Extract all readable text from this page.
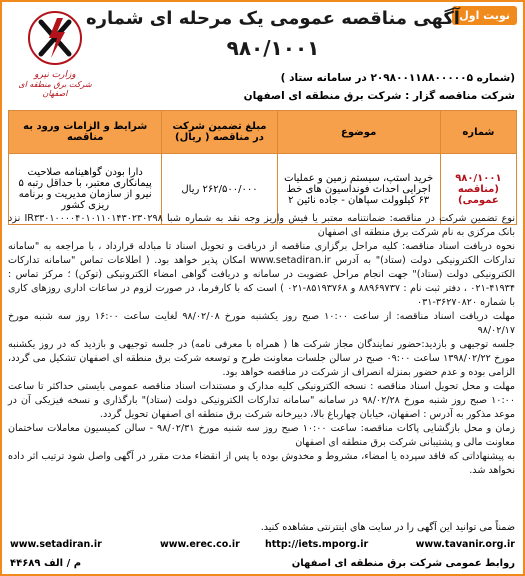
نوبت اول
آگهی مناقصه عمومی یک مرحله ای شماره
۹۸۰/۱۰۰۱
وزارت نیرو
شرکت برق منطقه ای اصفهان
(شماره ۲۰۹۸۰۰۱۱۸۸۰۰۰۰۰۵ در سامانه ستاد )
شرکت مناقصه گزار : شرکت برق منطقه ای اصفهان
شماره	موضوع	مبلغ تضمین شرکت در مناقصه ( ریال)	شرایط و الزامات ورود به مناقصه
۹۸۰/۱۰۰۱ (مناقصه عمومی)	خرید استپ، سیستم زمین و عملیات اجرایی احداث فونداسیون های خط ۶۳ کیلوولت سپاهان - جاده نائین ۲	۲۶۲/۵۰۰/۰۰۰ ریال	دارا بودن گواهینامه صلاحیت پیمانکاری معتبر، با حداقل رتبه ۵ نیرو از سازمان مدیریت و برنامه ریزی کشور

نوع تضمین شرکت در مناقصه: ضمانتنامه معتبر یا فیش واریز وجه نقد به شماره شبا IR۳۳۰۱۰۰۰۰۴۰۱۰۱۱۰۱۴۳۰۲۳۰۲۹۸ نزد بانک مرکزی به نام شرکت برق منطقه ای اصفهان

نحوه دریافت اسناد مناقصه: کلیه مراحل برگزاری مناقصه از دریافت و تحویل اسناد تا مبادله قرارداد ، با مراجعه به "سامانه تدارکات الکترونیکی دولت (ستاد)" به آدرس www.setadiran.ir امکان پذیر خواهد بود. ( اطلاعات تماس "سامانه تدارکات الکترونیکی دولت (ستاد)" جهت انجام مراحل عضویت در سامانه و دریافت گواهی امضاء الکترونیکی (توکن) ؛ مرکز تماس : ۴۱۹۳۴-۰۲۱ ، دفتر ثبت نام : ۸۸۹۶۹۷۳۷ و ۸۵۱۹۳۷۶۸-۰۲۱ ) است که با کارفرما، در صورت لزوم در ساعات اداری روزهای کاری با شماره ۳۶۲۷۰۸۲۰-۰۳۱

مهلت دریافت اسناد مناقصه: از ساعت ۱۰:۰۰ صبح روز یکشنبه مورخ ۹۸/۰۲/۰۸ لغایت ساعت ۱۶:۰۰ روز سه شنبه مورخ ۹۸/۰۲/۱۷

جلسه توجیهی و بازدید:حضور نمایندگان مجاز شرکت ها ( همراه با معرفی نامه) در جلسه توجیهی و بازدید که در روز یکشنبه مورخ ۱۳۹۸/۰۲/۲۲ ساعت ۰۹:۰۰ صبح در سالن جلسات معاونت طرح و توسعه شرکت برق منطقه ای اصفهان تشکیل می گردد، الزامی بوده و عدم حضور بمنزله انصراف از شرکت در مناقصه خواهد بود.

مهلت و محل تحویل اسناد مناقصه : نسخه الکترونیکی کلیه مدارک و مستندات اسناد مناقصه عمومی بایستی حداکثر تا ساعت ۱۰:۰۰ صبح روز شنبه مورخ ۹۸/۰۲/۲۸ در سامانه "سامانه تدارکات الکترونیکی دولت (ستاد)" بارگذاری و نسخه فیزیکی آن در موعد مذکور به آدرس : اصفهان، خیابان چهارباغ بالا، دبیرخانه شرکت برق منطقه ای اصفهان تحویل گردد.

زمان و محل بازگشایی پاکات مناقصه: ساعت ۱۰:۰۰ صبح روز سه شنبه مورخ ۹۸/۰۲/۳۱ - سالن کمیسیون معاملات ساختمان معاونت مالی و پشتیبانی شرکت برق منطقه ای اصفهان

به پیشنهاداتی که فاقد سپرده یا امضاء، مشروط و مخدوش بوده یا پس از انقضاء مدت مقرر در آگهی واصل شود ترتیب اثر داده نخواهد شد.

ضمناً می توانید این آگهی را در سایت های اینترنتی مشاهده کنید.
www.setadiran.ir	www.erec.co.ir	http://iets.mporg.ir	www.tavanir.org.ir
روابط عمومی شرکت برق منطقه ای اصفهان
م / الف ۴۴۶۸۹
